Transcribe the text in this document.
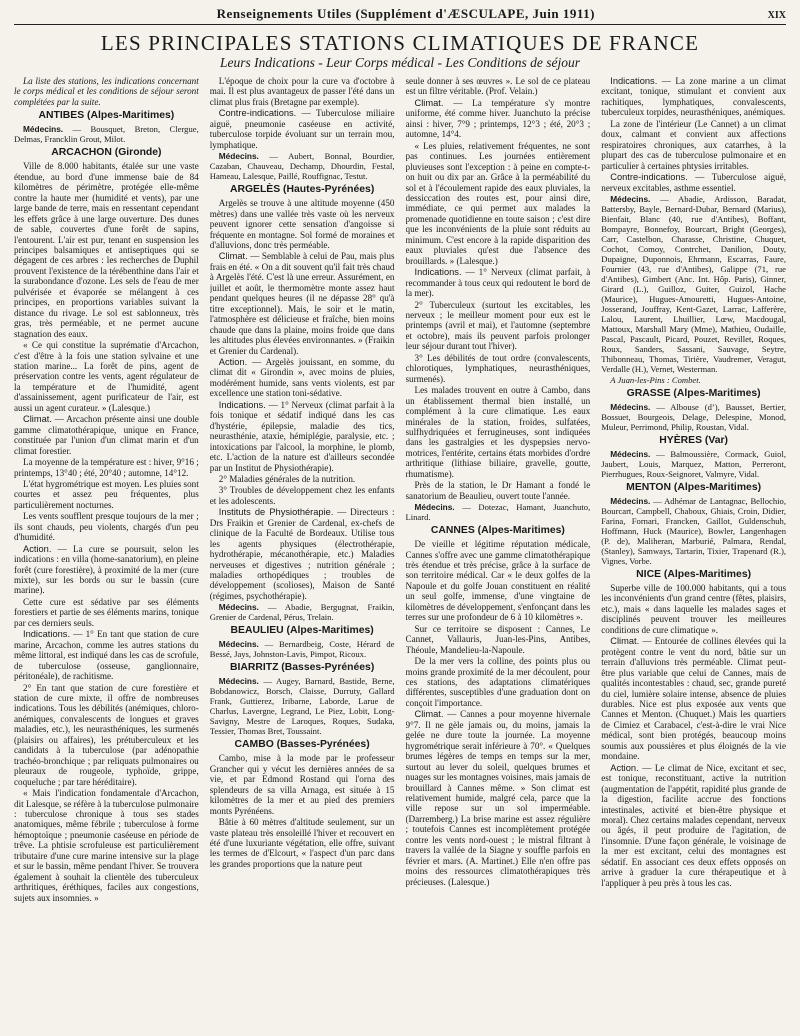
Renseignements Utiles (Supplément d'ÆSCULAPE, Juin 1911)	XIX
LES PRINCIPALES STATIONS CLIMATIQUES DE FRANCE
Leurs Indications - Leur Corps médical - Les Conditions de séjour

La liste des stations, les indications concernant le corps médical et les conditions de séjour seront complétées par la suite.

ANTIBES (Alpes-Maritimes)

Médecins. — Bousquet, Breton, Clergue, Delmas, Francklin Grout, Milot.

ARCACHON (Gironde)

Ville de 8.000 habitants, étalée sur une vaste étendue, au bord d'une immense baie de 84 kilomètres de périmètre, protégée elle-même contre la haute mer (humidité et vents), par une large bande de terre, mais en ressentant cependant les effets grâce à une large ouverture. Des dunes de sable, couvertes d'une forêt de sapins, l'entourent. L'air est pur, tenant en suspension les principes balsamiques et antiseptiques qui se dégagent de ces arbres : les recherches de Duphil prouvent l'existence de la térébenthine dans l'air et la surabondance d'ozone. Les sels de l'eau de mer pulvérisée et évaporée se mélangent à ces principes, en proportions variables suivant la distance du rivage. Le sol est sablonneux, très gras, très perméable, et ne permet aucune stagnation des eaux.

« Ce qui constitue la suprématie d'Arcachon, c'est d'être à la fois une station sylvaine et une station marine... La forêt de pins, agent de préservation contre les vents, agent régulateur de la température et de l'humidité, agent d'assainissement, agent purificateur de l'air, est aussi un agent curateur. » (Lalesque.)

Climat. — Arcachon présente ainsi une double gamme climatothérapique, unique en France, constituée par l'union d'un climat marin et d'un climat forestier.

La moyenne de la température est : hiver, 9°16 ; printemps, 13°40 ; été, 20°40 ; automne, 14°12.

L'état hygrométrique est moyen. Les pluies sont courtes et assez peu fréquentes, plus particulièrement nocturnes.

Les vents soufflent presque toujours de la mer ; ils sont chauds, peu violents, chargés d'un peu d'humidité.

Action. — La cure se poursuit, selon les indications : en villa (home-sanatorium), en pleine forêt (cure forestière), à proximité de la mer (cure mixte), sur les bords ou sur le bassin (cure marine).

Cette cure est sédative par ses éléments forestiers et partie de ses éléments marins, tonique par ces derniers seuls.

Indications. — 1° En tant que station de cure marine, Arcachon, comme les autres stations du même littoral, est indiqué dans les cas de scrofule, de tuberculose (osseuse, ganglionnaire, péritonéale), de rachitisme.

2° En tant que station de cure forestière et station de cure mixte, il offre de nombreuses indications. Tous les débilités (anémiques, chloro-anémiques, convalescents de longues et graves maladies, etc.), les neurasthéniques, les surmenés (plaisirs ou affaires), les prétuberculeux et les candidats à la tuberculose (par adénopathie trachéo-bronchique ; par reliquats pulmonaires ou pleuraux de rougeole, typhoïde, grippe, coqueluche ; par tare héréditaire).

« Mais l'indication fondamentale d'Arcachon, dit Lalesque, se réfère à la tuberculose pulmonaire : tuberculose chronique à tous ses stades anatomiques, même fébrile ; tuberculose à forme hémoptoïque ; pneumonie caséeuse en période de trêve. La phtisie scrofuleuse est particulièrement tributaire d'une cure marine intensive sur la plage et sur le bassin, même pendant l'hiver. Se trouvera également à souhait la clientèle des tuberculeux arthritiques, éréthiques, faciles aux congestions, sujets aux insomnies. »

L'époque de choix pour la cure va d'octobre à mai. Il est plus avantageux de passer l'été dans un climat plus frais (Bretagne par exemple).

Contre-indications. — Tuberculose miliaire aiguë, pneumonie caséeuse en activité, tuberculose torpide évoluant sur un terrain mou, lymphatique.

Médecins. — Aubert, Bonnal, Bourdier, Cazaban, Chauveau, Dechamp, Dhourdin, Festal, Hameau, Lalesque, Paillé, Rouffignac, Testut.

ARGELÈS (Hautes-Pyrénées)

Argelès se trouve à une altitude moyenne (450 mètres) dans une vallée très vaste où les nerveux peuvent ignorer cette sensation d'angoisse si fréquente en montagne. Sol formé de moraines et d'alluvions, donc très perméable.

Climat. — Semblable à celui de Pau, mais plus frais en été. « On a dit souvent qu'il fait très chaud à Argelès l'été. C'est là une erreur. Assurément, en juillet et août, le thermomètre monte assez haut pendant quelques heures (il ne dépasse 28° qu'à titre exceptionnel). Mais, le soir et le matin, l'atmosphère est délicieuse et fraîche, bien moins chaude que dans la plaine, moins froide que dans les altitudes plus élevées environnantes. » (Fraikin et Grenier du Cardenal).

Action. — Argelès jouissant, en somme, du climat dit « Girondin », avec moins de pluies, modérément humide, sans vents violents, est par excellence une station toni-sédative.

Indications. — 1° Nerveux (climat parfait à la fois tonique et sédatif indiqué dans les cas d'hystérie, épilepsie, maladie des tics, neurasthénie, ataxie, hémiplégie, paralysie, etc. ; intoxications par l'alcool, la morphine, le plomb, etc. L'action de la nature est d'ailleurs secondée par un Institut de Physiothérapie).

2° Maladies générales de la nutrition.

3° Troubles de développement chez les enfants et les adolescents.

Instituts de Physiothérapie. — Directeurs : Drs Fraikin et Grenier de Cardenal, ex-chefs de clinique de la Faculté de Bordeaux. Utilise tous les agents physiques (électrothérapie, hydrothérapie, mécanothérapie, etc.) Maladies nerveuses et digestives ; nutrition générale ; maladies orthopédiques ; troubles de développement (scolioses), Maison de Santé (régimes, psychothérapie).

Médecins. — Abadie, Bergugnat, Fraikin, Grenier de Cardenal, Pérus, Trelain.

BEAULIEU (Alpes-Maritimes)

Médecins. — Bernardbeig, Coste, Hérard de Bessé, Jays, Johnston-Lavis, Pimpot, Ricoux.

BIARRITZ (Basses-Pyrénées)

Médecins. — Augey, Barnard, Bastide, Berne, Bobdanowicz, Borsch, Claisse, Durruty, Gallard Frank, Guttierez, Iribarne, Laborde, Larue de Charlus, Lavergne, Legrand, Le Piez, Lobit, Long-Savigny, Mestre de Laroques, Roques, Sudaka, Tessier, Thomas Bret, Toussaint.

CAMBO (Basses-Pyrénées)

Cambo, mise à la mode par le professeur Grancher qui y vécut les dernières années de sa vie, et par Edmond Rostand qui l'orna des splendeurs de sa villa Arnaga, est située à 15 kilomètres de la mer et au pied des premiers monts Pyrénéens.

Bâtie à 60 mètres d'altitude seulement, sur un vaste plateau très ensoleillé l'hiver et recouvert en été d'une luxuriante végétation, elle offre, suivant les termes de d'Elcourt, « l'aspect d'un parc dans les grandes proportions que la nature peut

seule donner à ses œuvres ». Le sol de ce plateau est un filtre véritable. (Prof. Velain.)

Climat. — La température s'y montre uniforme, été comme hiver. Juanchuto la précise ainsi : hiver, 7°9 ; printemps, 12°3 ; été, 20°3 ; automne, 14°4.

« Les pluies, relativement fréquentes, ne sont pas continues. Les journées entièrement pluvieuses sont l'exception : à peine en compte-t-on huit ou dix par an. Grâce à la perméabilité du sol et à l'écoulement rapide des eaux pluviales, la dessiccation des routes est, pour ainsi dire, immédiate, ce qui permet aux malades la promenade quotidienne en toute saison ; c'est dire que les inconvénients de la pluie sont réduits au minimum. C'est encore à la rapide disparition des eaux pluviales qu'est due l'absence des brouillards. » (Lalesque.)

Indications. — 1° Nerveux (climat parfait, à recommander à tous ceux qui redoutent le bord de la mer).

2° Tuberculeux (surtout les excitables, les nerveux ; le meilleur moment pour eux est le printemps (avril et mai), et l'automne (septembre et octobre), mais ils peuvent parfois prolonger leur séjour durant tout l'hiver).

3° Les débilités de tout ordre (convalescents, chlorotiques, lymphatiques, neurasthéniques, surmenés).

Les malades trouvent en outre à Cambo, dans un établissement thermal bien installé, un complément à la cure climatique. Les eaux minérales de la station, froides, sulfatées, sulfhydriquées et ferrugineuses, sont indiquées dans les gastralgies et les dyspepsies nervo-motrices, l'entérite, certains états morbides d'ordre arthritique (lithiase biliaire, gravelle, goutte, rhumatisme).

Près de la station, le Dr Hamant a fondé le sanatorium de Beaulieu, ouvert toute l'année.

Médecins. — Dotezac, Hamant, Juanchuto, Linard.

CANNES (Alpes-Maritimes)

De vieille et légitime réputation médicale, Cannes s'offre avec une gamme climatothérapique très étendue et très précise, grâce à la surface de son territoire médical. Car « le deux golfes de la Napoule et du golfe Jouan constituent en réalité un seul golfe, immense, d'une vingtaine de kilomètres de développement, s'enfonçant dans les terres sur une profondeur de 6 à 10 kilomètres ».

Sur ce territoire se disposent : Cannes, Le Cannet, Vallauris, Juan-les-Pins, Antibes, Théoule, Mandelieu-la-Napoule.

De la mer vers la colline, des points plus ou moins grande proximité de la mer découlent, pour ces stations, des adaptations climatériques différentes, susceptibles d'une graduation dont on conçoit l'importance.

Climat. — Cannes a pour moyenne hivernale 9°7. Il ne gèle jamais ou, du moins, jamais la gelée ne dure toute la journée. La moyenne hygrométrique serait inférieure à 70°. « Quelques brumes légères de temps en temps sur la mer, surtout au lever du soleil, quelques brumes et nuages sur les montagnes voisines, mais jamais de brouillard à Cannes même. » Son climat est relativement humide, malgré cela, parce que la ville repose sur un sol imperméable. (Darremberg.) La brise marine est assez régulière ; toutefois Cannes est incomplètement protégée contre les vents nord-ouest ; le mistral filtrant à travers la vallée de la Siagne y souffle parfois en février et mars. (A. Martinet.) Elle n'en offre pas moins des ressources climatothérapiques très précieuses. (Lalesque.)

Indications. — La zone marine a un climat excitant, tonique, stimulant et convient aux rachitiques, lymphatiques, convalescents, tuberculeux torpides, neurasthéniques, anémiques.

La zone de l'intérieur (Le Cannet) a un climat doux, calmant et convient aux affections respiratoires chroniques, aux catarrhes, à la plupart des cas de tuberculose pulmonaire et en particulier à certaines phtysies irritables.

Contre-indications. — Tuberculose aiguë, nerveux excitables, asthme essentiel.

Médecins. — Abadie, Ardisson, Baradat, Battersby, Bayle, Bernard-Dubar, Bernard (Marius), Bienfait, Blanc (40, rue d'Antibes), Boffant, Bompayre, Bonnefoy, Bourcart, Bright (Georges), Carr, Castelbon, Charasse, Christine, Chuquet, Cochot, Comoy, Contrchet, Danilion, Douty, Dupaigne, Duponnois, Ehrmann, Escarras, Faure, Fournier (43, rue d'Antibes), Galippe (71, rue d'Antibes), Gimbert (Anc. Int. Hôp. Paris), Ginner, Girard (L.), Guilloz, Guiter, Guizol, Hache (Maurice), Hugues-Amouretti, Hugues-Antoine, Josserand, Jouffray, Kent-Gazet, Larrac, Lafferère, Lalou, Laurent, Lhuillier, Lœw, Macdougal, Mattoux, Marshall Mary (Mme), Mathieu, Oudaille, Pascal, Pascault, Picard, Pouzet, Revillet, Roques, Roux, Sanders, Sassani, Sauvage, Seytre, Thibonneau, Thomas, Tirière, Vaudremer, Veragut, Verdalle (H.), Vernet, Westerman.

A Juan-les-Pins : Combet.

GRASSE (Alpes-Maritimes)

Médecins. — Albouse (dʼ), Bausset, Bertier, Bossuet, Bourgeois, Delage, Delespine, Monod, Muleur, Perrimond, Philip, Roustan, Vidal.

HYÈRES (Var)

Médecins. — Balmoussière, Cormack, Guiol, Jaubert, Louis, Marquez, Matton, Perreront, Pierrhugues, Roux-Seignoret, Valmyre, Vidal.

MENTON (Alpes-Maritimes)

Médecins. — Adhémar de Lantagnac, Bellochio, Bourcart, Campbell, Chaboux, Ghiais, Croin, Didier, Farina, Fornari, Francken, Gaillot, Guldenschuh, Hoffmann, Huck (Maurice), Bowler, Langenhagen (P. de), Maliheran, Marburié, Palmara, Rendal, (Stanley), Samways, Tartarin, Tixier, Trapenard (R.), Vignes, Vorbe.

NICE (Alpes-Maritimes)

Superbe ville de 100.000 habitants, qui a tous les inconvénients d'un grand centre (fêtes, plaisirs, etc.), mais « dans laquelle les malades sages et disciplinés peuvent trouver les meilleures conditions de cure climatique ».

Climat. — Entourée de collines élevées qui la protègent contre le vent du nord, bâtie sur un terrain d'alluvions très perméable. Climat peut-être plus variable que celui de Cannes, mais de qualités incontestables : chaud, sec, grande pureté du ciel, lumière solaire intense, absence de pluies durables. Nice est plus exposée aux vents que Cannes et Menton. (Chuquet.) Mais les quartiers de Cimiez et Carabacel, c'est-à-dire le vrai Nice médical, sont bien protégés, beaucoup moins soumis aux poussières et plus éloignés de la vie mondaine.

Action. — Le climat de Nice, excitant et sec, est tonique, reconstituant, active la nutrition (augmentation de l'appétit, rapidité plus grande de la digestion, facilite accrue des fonctions intestinales, activité et bien-être physique et moral). Chez certains malades cependant, nerveux ou âgés, il peut produire de l'agitation, de l'insomnie. D'une façon générale, le voisinage de la mer est excitant, celui des montagnes est sédatif. En associant ces deux effets opposés on arrive à graduer la cure thérapeutique et à l'appliquer à peu près à tous les cas.
